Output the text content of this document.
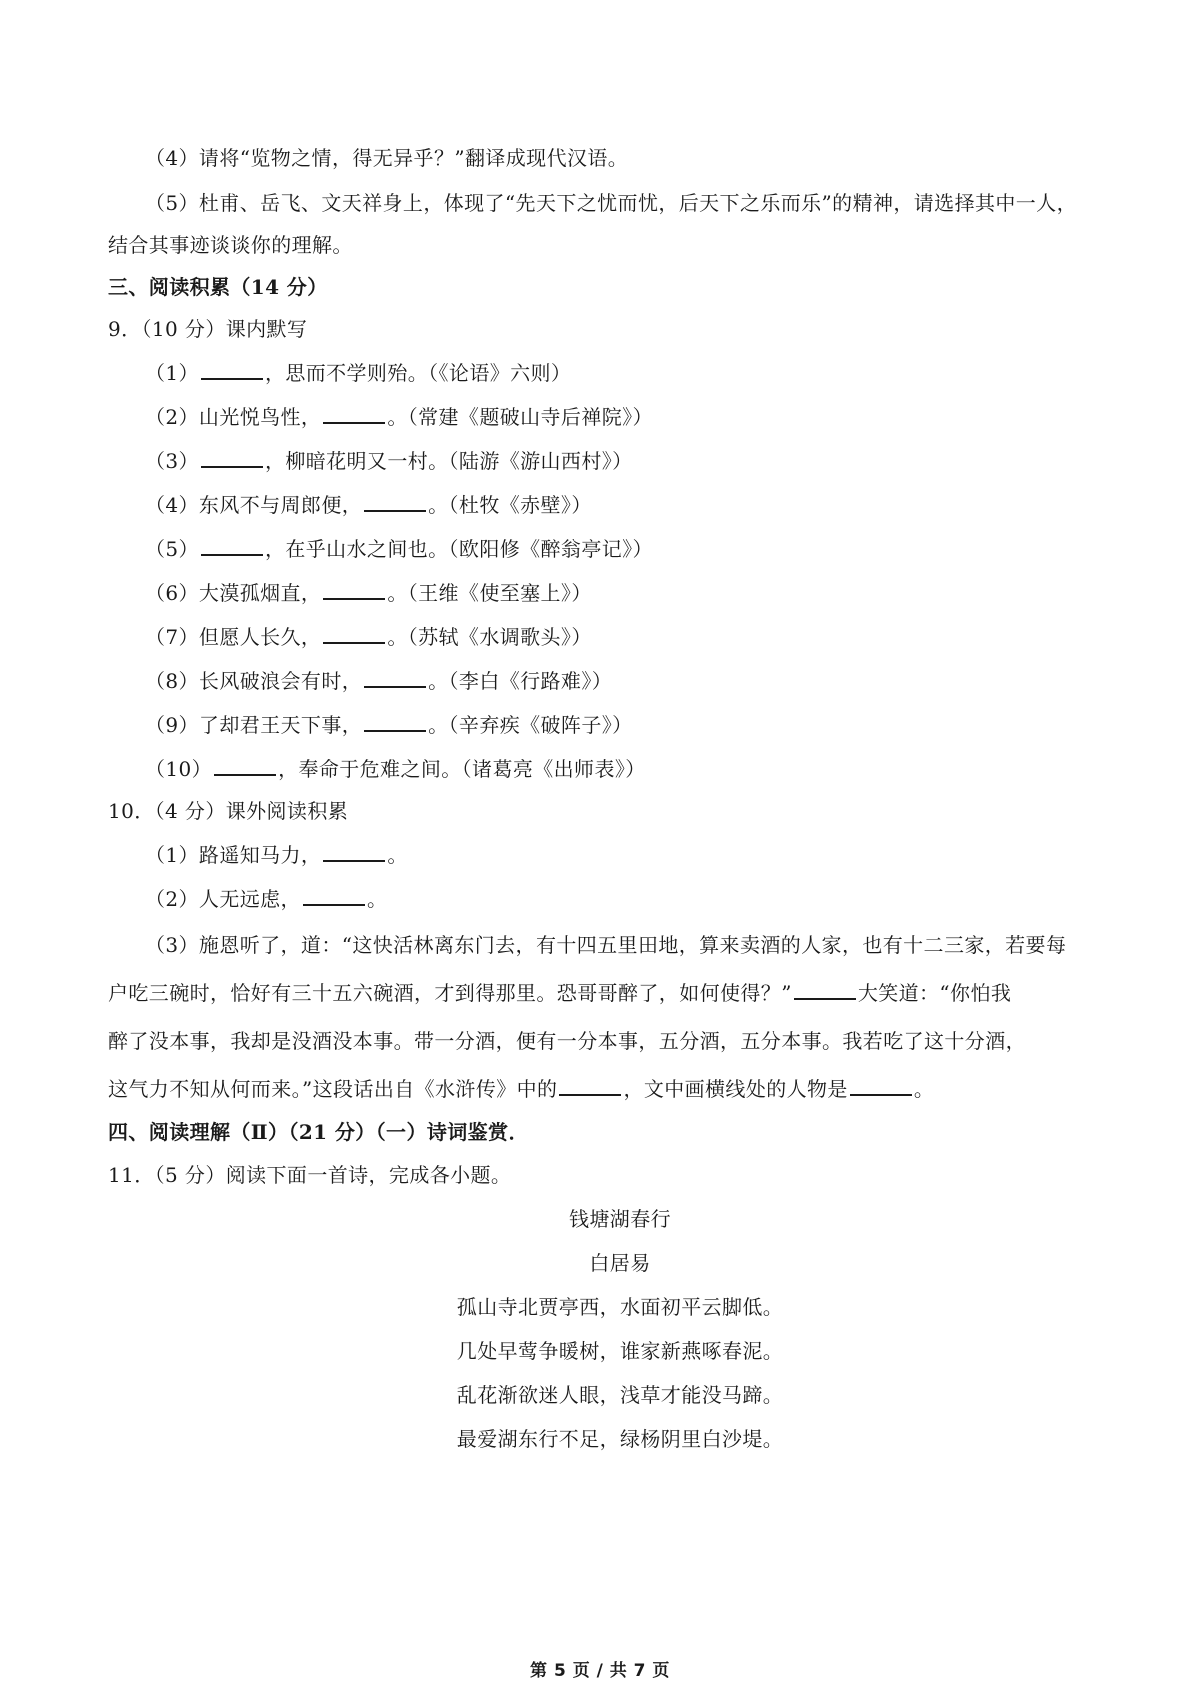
（4）请将“览物之情，得无异乎？”翻译成现代汉语。
（5）杜甫、岳飞、文天祥身上，体现了“先天下之忧而忧，后天下之乐而乐”的精神，请选择其中一人，
结合其事迹谈谈你的理解。
三、阅读积累（14 分）
9．（10 分）课内默写
（1）	，思而不学则殆。（《论语》六则）
（2）山光悦鸟性，	。（常建《题破山寺后禅院》）
（3）	，柳暗花明又一村。（陆游《游山西村》）
（4）东风不与周郎便，	。（杜牧《赤壁》）
（5）	，在乎山水之间也。（欧阳修《醉翁亭记》）
（6）大漠孤烟直，	。（王维《使至塞上》）
（7）但愿人长久，	。（苏轼《水调歌头》）
（8）长风破浪会有时，	。（李白《行路难》）
（9）了却君王天下事，	。（辛弃疾《破阵子》）
（10）	，奉命于危难之间。（诸葛亮《出师表》）
10．（4 分）课外阅读积累
（1）路遥知马力，	。
（2）人无远虑，	。
（3）施恩听了，道：“这快活林离东门去，有十四五里田地，算来卖酒的人家，也有十二三家，若要每
户吃三碗时，恰好有三十五六碗酒，才到得那里。恐哥哥醉了，如何使得？”	大笑道：“你怕我
醉了没本事，我却是没酒没本事。带一分酒，便有一分本事，五分酒，五分本事。我若吃了这十分酒，
这气力不知从何而来。”这段话出自《水浒传》中的	，文中画横线处的人物是	。
四、阅读理解（Ⅱ）（21 分）（一）诗词鉴赏．
11．（5 分）阅读下面一首诗，完成各小题。
钱塘湖春行
白居易
孤山寺北贾亭西，水面初平云脚低。
几处早莺争暖树，谁家新燕啄春泥。
乱花渐欲迷人眼，浅草才能没马蹄。
最爱湖东行不足，绿杨阴里白沙堤。
第 5 页 / 共 7 页
